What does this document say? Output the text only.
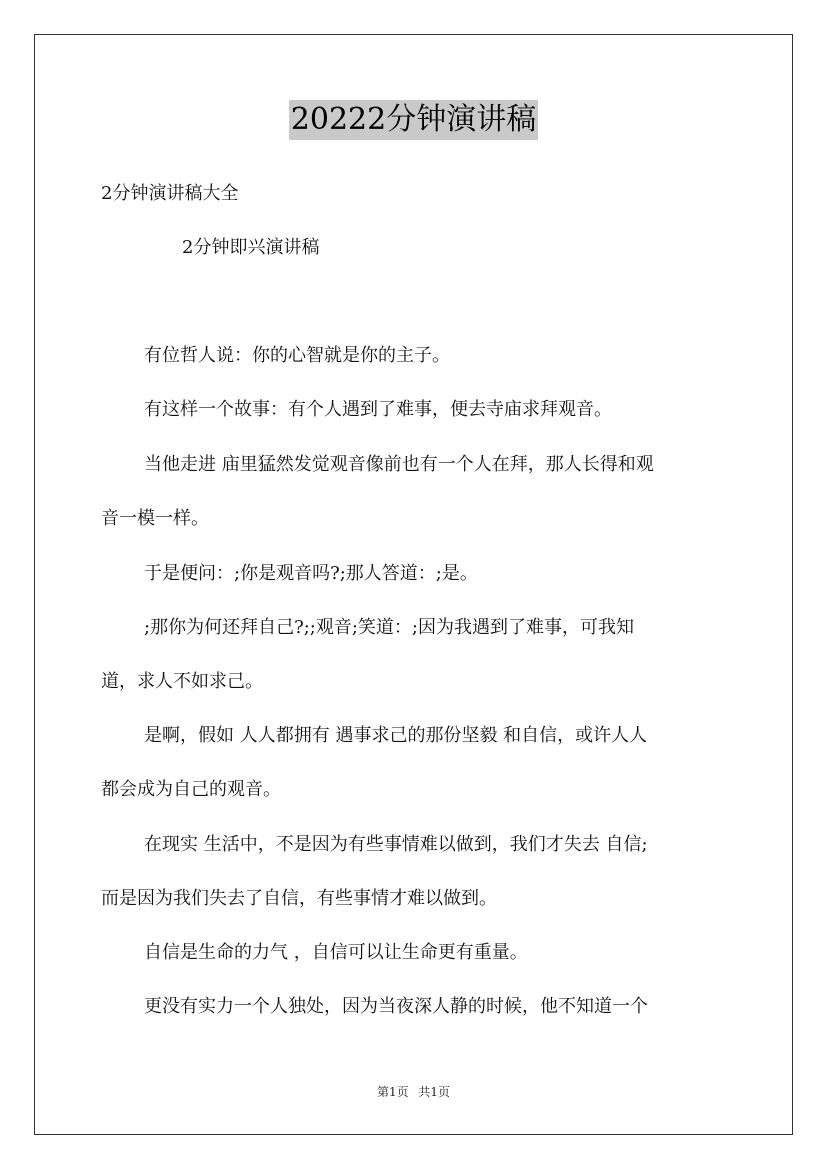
20222分钟演讲稿
2分钟演讲稿大全
2分钟即兴演讲稿
有位哲人说：你的心智就是你的主子。
有这样一个故事：有个人遇到了难事，便去寺庙求拜观音。
当他走进 庙里猛然发觉观音像前也有一个人在拜，那人长得和观
音一模一样。
于是便问：;你是观音吗?;那人答道：;是。
;那你为何还拜自己?;;观音;笑道：;因为我遇到了难事，可我知
道，求人不如求己。
是啊，假如 人人都拥有 遇事求己的那份坚毅 和自信，或许人人
都会成为自己的观音。
在现实 生活中，不是因为有些事情难以做到，我们才失去 自信;
而是因为我们失去了自信，有些事情才难以做到。
自信是生命的力气 ，自信可以让生命更有重量。
更没有实力一个人独处，因为当夜深人静的时候，他不知道一个
第1页 共1页
